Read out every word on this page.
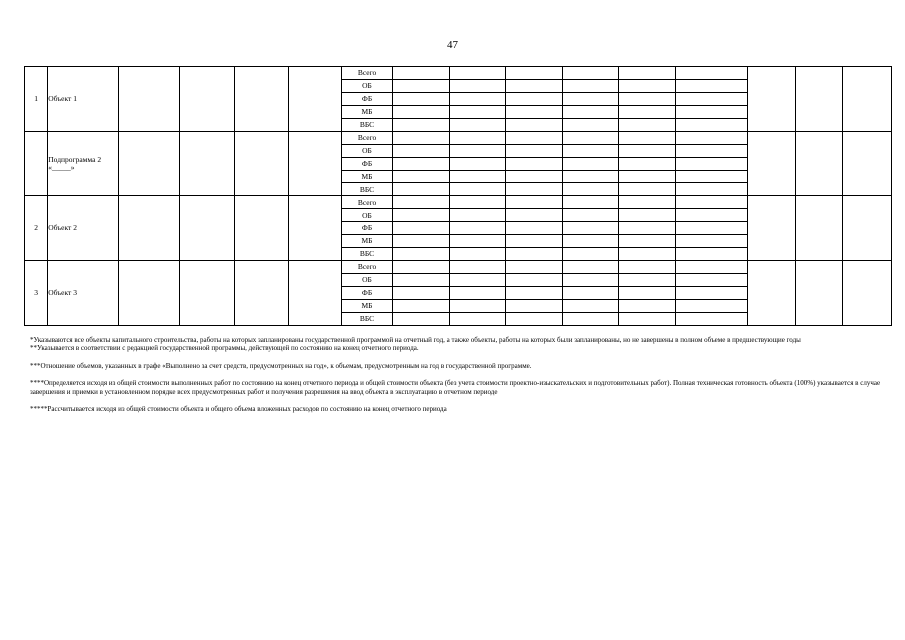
47
1	Объект 1					Всего									
						ОБ									
						ФБ									
						МБ									
						ВБС									
	Подпрограмма 2 «_____»					Всего									
						ОБ									
						ФБ									
						МБ									
						ВБС									
2	Объект 2					Всего									
						ОБ									
						ФБ									
						МБ									
						ВБС									
3	Объект 3					Всего									
						ОБ									
						ФБ									
						МБ									
						ВБС									

*Указываются все объекты капитального строительства, работы на которых запланированы государственной программой на отчетный год, а также объекты, работы на которых были запланированы, но не завершены в полном объеме в предшествующие годы

**Указывается в соответствии с редакцией государственной программы, действующей по состоянию на конец отчетного периода.

***Отношение объемов, указанных в графе «Выполнено за счет средств, предусмотренных на год», к объемам, предусмотренным на год в государственной программе.

****Определяется исходя из общей стоимости выполненных работ по состоянию на конец отчетного периода и общей стоимости объекта (без учета стоимости проектно-изыскательских и подготовительных работ). Полная техническая готовность объекта (100%) указывается в случае завершения и приемки в установленном порядке всех предусмотренных работ и получения разрешения на ввод объекта в эксплуатацию в отчетном периоде

*****Рассчитывается исходя из общей стоимости объекта и общего объема вложенных расходов по состоянию на конец отчетного периода
